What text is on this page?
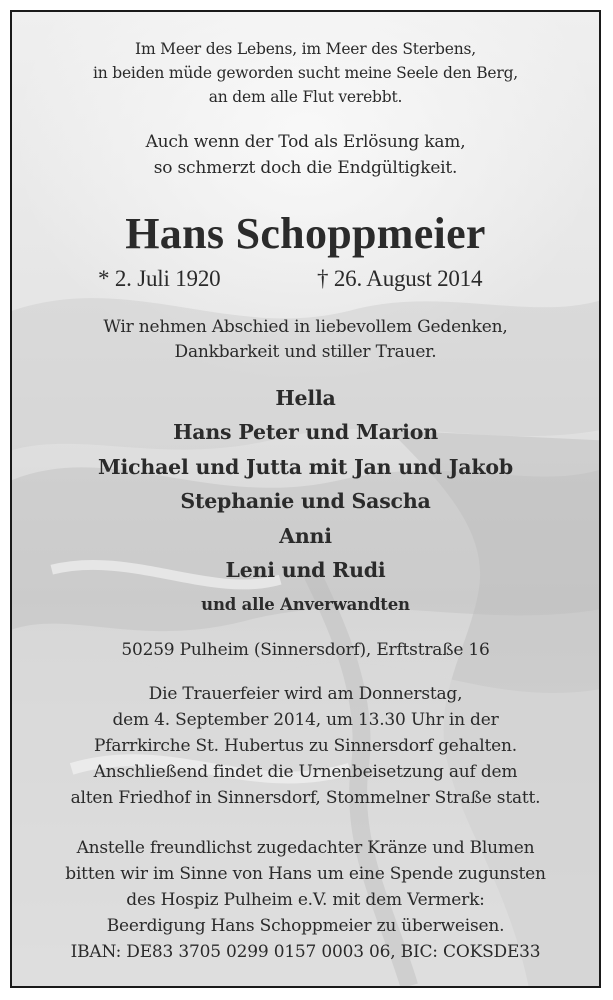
Im Meer des Lebens, im Meer des Sterbens,
in beiden müde geworden sucht meine Seele den Berg,
an dem alle Flut verebbt.
Auch wenn der Tod als Erlösung kam,
so schmerzt doch die Endgültigkeit.
Hans Schoppmeier
* 2. Juli 1920	† 26. August 2014
Wir nehmen Abschied in liebevollem Gedenken,
Dankbarkeit und stiller Trauer.
Hella
Hans Peter und Marion
Michael und Jutta mit Jan und Jakob
Stephanie und Sascha
Anni
Leni und Rudi
und alle Anverwandten
50259 Pulheim (Sinnersdorf), Erftstraße 16
Die Trauerfeier wird am Donnerstag,
dem 4. September 2014, um 13.30 Uhr in der
Pfarrkirche St. Hubertus zu Sinnersdorf gehalten.
Anschließend findet die Urnenbeisetzung auf dem
alten Friedhof in Sinnersdorf, Stommelner Straße statt.
Anstelle freundlichst zugedachter Kränze und Blumen
bitten wir im Sinne von Hans um eine Spende zugunsten
des Hospiz Pulheim e.V. mit dem Vermerk:
Beerdigung Hans Schoppmeier zu überweisen.
IBAN: DE83 3705 0299 0157 0003 06, BIC: COKSDE33
